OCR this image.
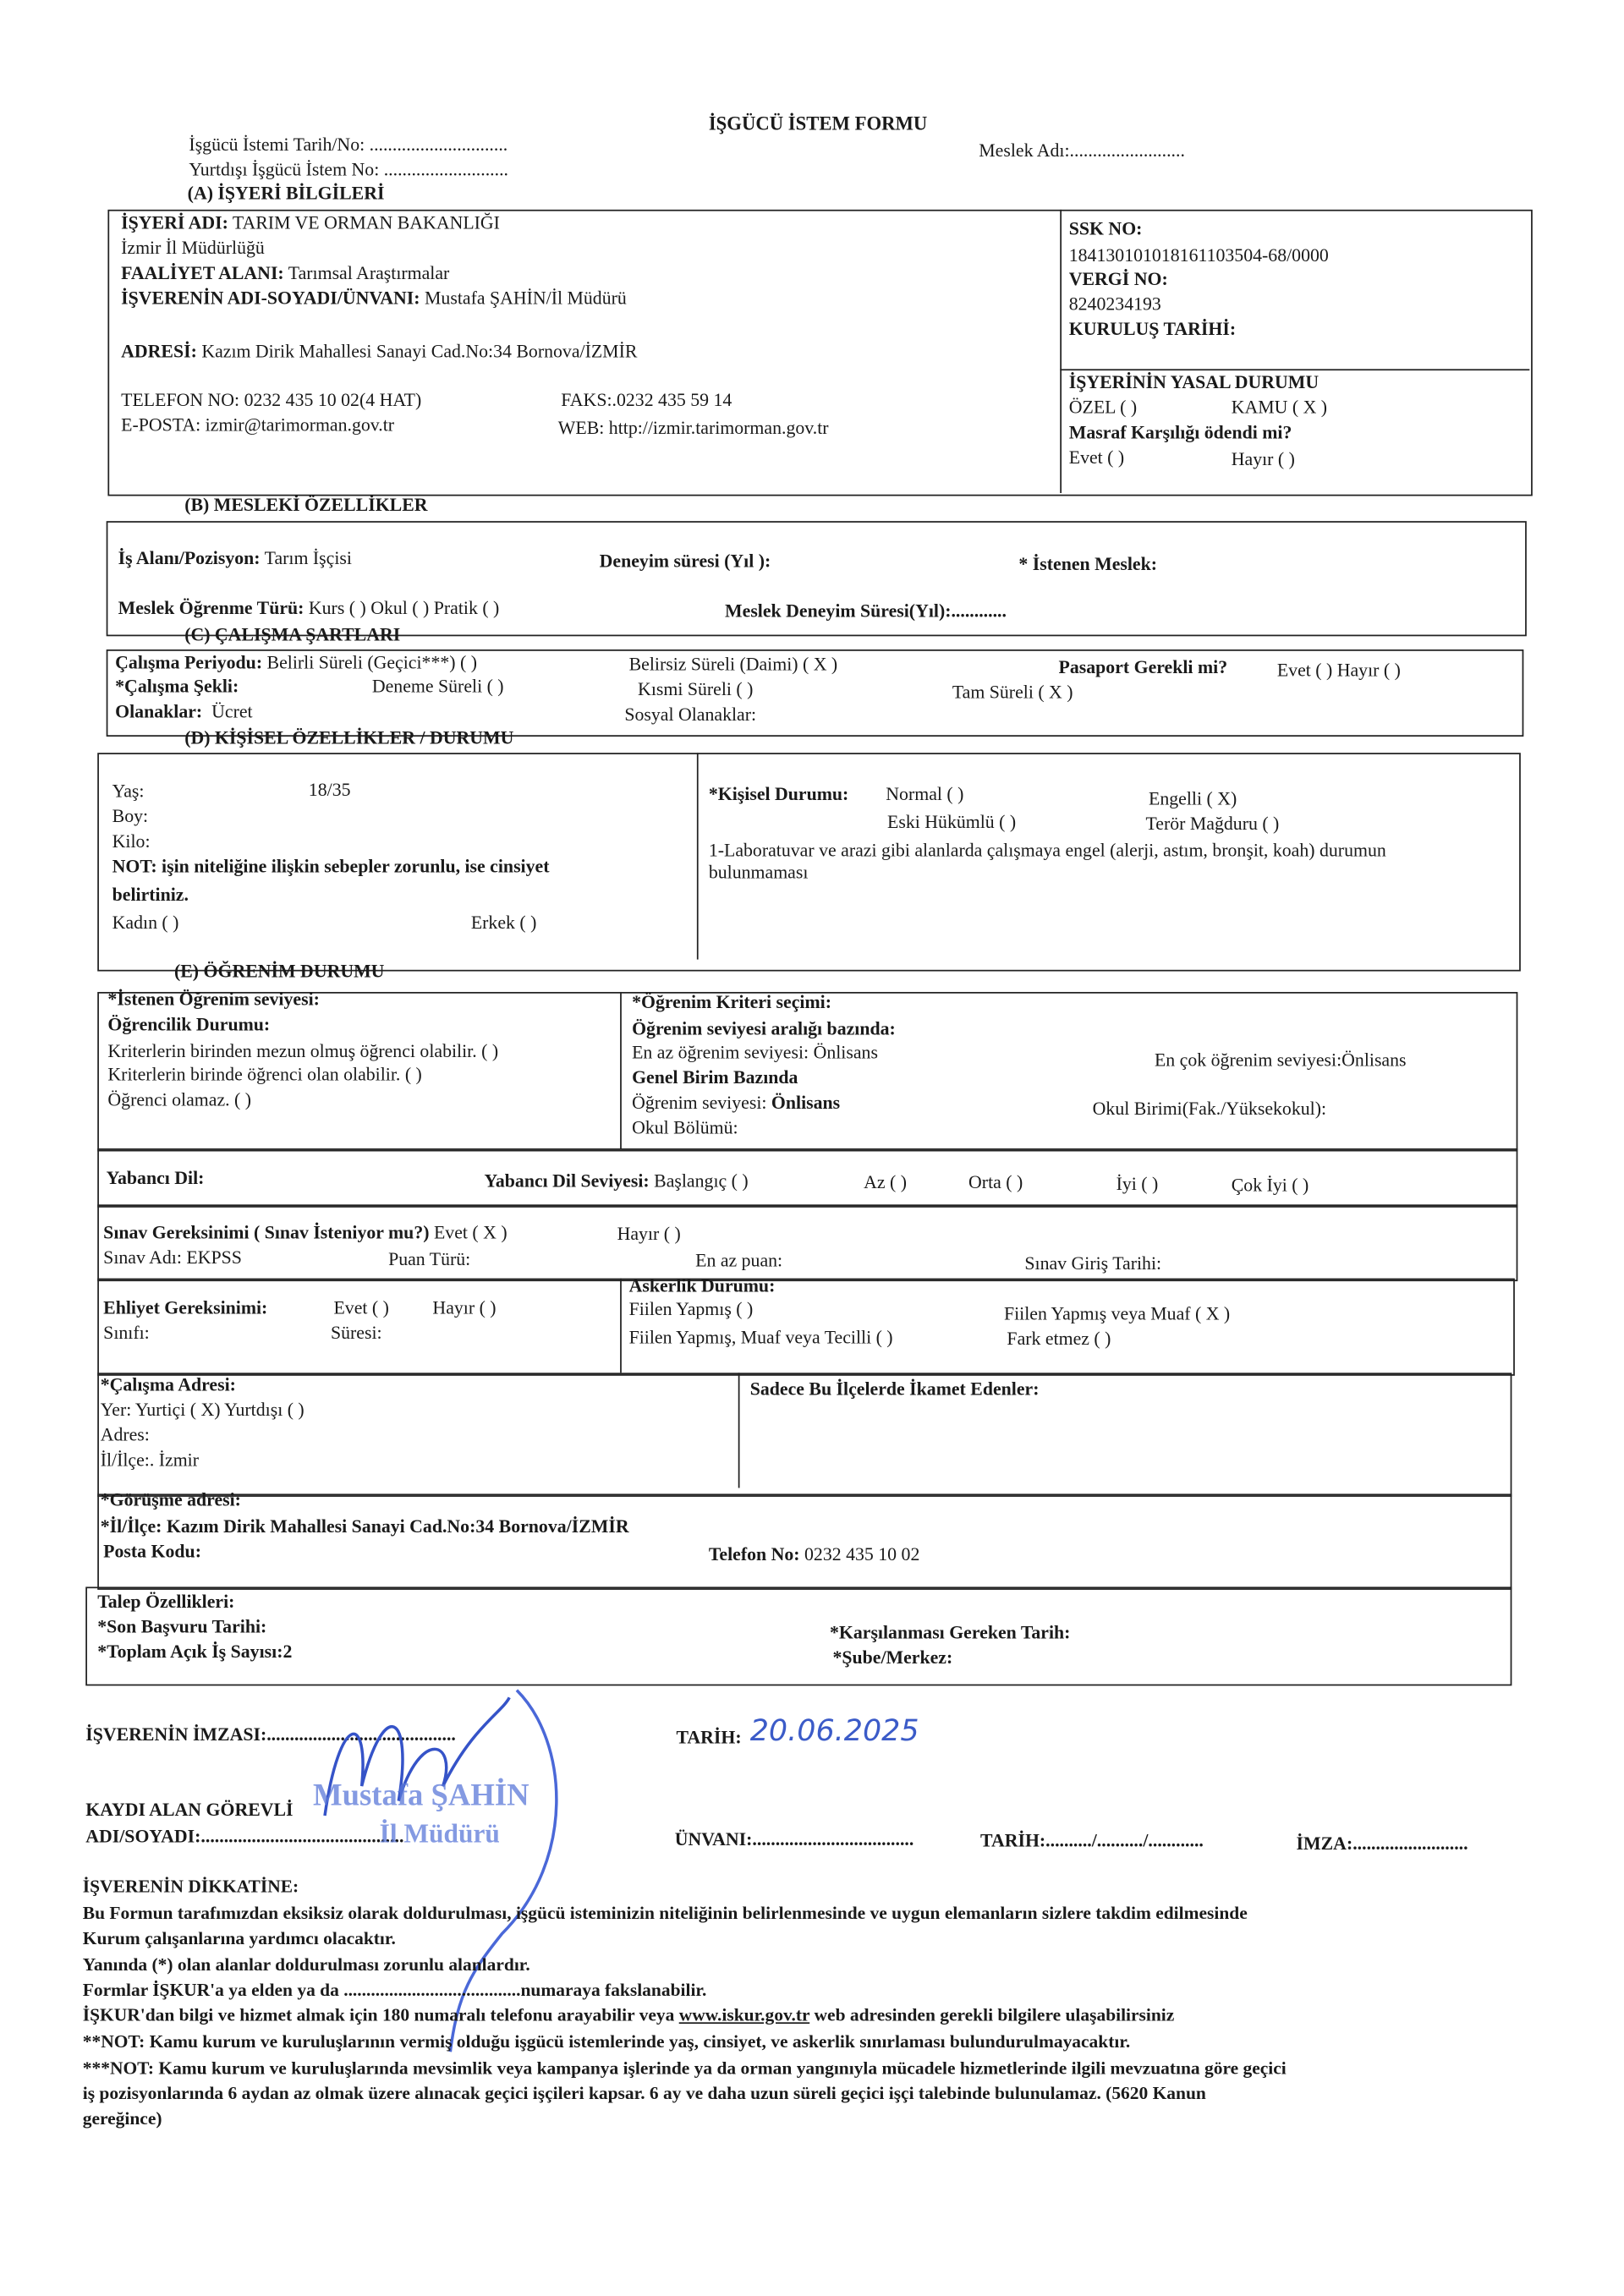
İŞGÜCÜ İSTEM FORMU
İşgücü İstemi Tarih/No: ..............................
Yurtdışı İşgücü İstem No: ...........................
Meslek Adı:.........................
(A) İŞYERİ BİLGİLERİ
İŞYERİ ADI: TARIM VE ORMAN BAKANLIĞI
İzmir İl Müdürlüğü
FAALİYET ALANI: Tarımsal Araştırmalar
İŞVERENİN ADI-SOYADI/ÜNVANI: Mustafa ŞAHİN/İl Müdürü
ADRESİ: Kazım Dirik Mahallesi Sanayi Cad.No:34 Bornova/İZMİR
TELEFON NO: 0232 435 10 02(4 HAT)	FAKS:.0232 435 59 14
E-POSTA: izmir@tarimorman.gov.tr	WEB: http://izmir.tarimorman.gov.tr
SSK NO:
184130101018161103504-68/0000
VERGİ NO:
8240234193
KURULUŞ TARİHİ:
İŞYERİNİN YASAL DURUMU
ÖZEL ( )	KAMU ( X )
Masraf Karşılığı ödendi mi?
Evet ( )	Hayır ( )
(B) MESLEKİ ÖZELLİKLER
İş Alanı/Pozisyon: Tarım İşçisi	Deneyim süresi (Yıl ):	* İstenen Meslek:
Meslek Öğrenme Türü: Kurs ( ) Okul ( ) Pratik ( )	Meslek Deneyim Süresi(Yıl):............
(C) ÇALIŞMA ŞARTLARI
Çalışma Periyodu: Belirli Süreli (Geçici***) ( )	Belirsiz Süreli (Daimi) ( X )	Pasaport Gerekli mi?	Evet ( ) Hayır ( )
*Çalışma Şekli:	Deneme Süreli ( )	Kısmi Süreli ( )	Tam Süreli ( X )
Olanaklar: Ücret	Sosyal Olanaklar:
(D) KİŞİSEL ÖZELLİKLER / DURUMU
Yaş:	18/35
Boy:
Kilo:
NOT: işin niteliğine ilişkin sebepler zorunlu, ise cinsiyet
belirtiniz.
Kadın ( )	Erkek ( )
*Kişisel Durumu:	Normal ( )	Engelli ( X)
Eski Hükümlü ( )	Terör Mağduru ( )
1-Laboratuvar ve arazi gibi alanlarda çalışmaya engel (alerji, astım, bronşit, koah) durumun
bulunmaması
(E) ÖĞRENİM DURUMU
*İstenen Öğrenim seviyesi:
Öğrencilik Durumu:
Kriterlerin birinden mezun olmuş öğrenci olabilir. ( )
Kriterlerin birinde öğrenci olan olabilir. ( )
Öğrenci olamaz. ( )
*Öğrenim Kriteri seçimi:
Öğrenim seviyesi aralığı bazında:
En az öğrenim seviyesi: Önlisans	En çok öğrenim seviyesi:Önlisans
Genel Birim Bazında
Öğrenim seviyesi: Önlisans	Okul Birimi(Fak./Yüksekokul):
Okul Bölümü:
Yabancı Dil:	Yabancı Dil Seviyesi: Başlangıç ( )	Az ( )	Orta ( )	İyi ( )	Çok İyi ( )
Sınav Gereksinimi ( Sınav İsteniyor mu?) Evet ( X )	Hayır ( )
Sınav Adı: EKPSS	Puan Türü:	En az puan:	Sınav Giriş Tarihi:
Ehliyet Gereksinimi:	Evet ( )	Hayır ( )
Sınıfı:	Süresi:
Askerlik Durumu:
Fiilen Yapmış ( )
Fiilen Yapmış, Muaf veya Tecilli ( )
Fiilen Yapmış veya Muaf ( X )
Fark etmez ( )
*Çalışma Adresi:
Yer: Yurtiçi ( X) Yurtdışı ( )
Adres:
İl/İlçe:. İzmir
Sadece Bu İlçelerde İkamet Edenler:
*Görüşme adresi:
*İl/İlçe: Kazım Dirik Mahallesi Sanayi Cad.No:34 Bornova/İZMİR
Posta Kodu:	Telefon No: 0232 435 10 02
Talep Özellikleri:
*Son Başvuru Tarihi:
*Toplam Açık İş Sayısı:2
*Karşılanması Gereken Tarih:
*Şube/Merkez:
İŞVERENİN İMZASI:.........................................	TARİH: 20.06.2025
KAYDI ALAN GÖREVLİ
ADI/SOYADI:............................................	ÜNVANI:...................................	TARİH:........../........../............	İMZA:.........................
Mustafa ŞAHİN
İl Müdürü
İŞVERENİN DİKKATİNE:
Bu Formun tarafımızdan eksiksiz olarak doldurulması, işgücü isteminizin niteliğinin belirlenmesinde ve uygun elemanların sizlere takdim edilmesinde
Kurum çalışanlarına yardımcı olacaktır.
Yanında (*) olan alanlar doldurulması zorunlu alanlardır.
Formlar İŞKUR'a ya elden ya da .......................................numaraya fakslanabilir.
İŞKUR'dan bilgi ve hizmet almak için 180 numaralı telefonu arayabilir veya www.iskur.gov.tr web adresinden gerekli bilgilere ulaşabilirsiniz
**NOT: Kamu kurum ve kuruluşlarının vermiş olduğu işgücü istemlerinde yaş, cinsiyet, ve askerlik sınırlaması bulundurulmayacaktır.
***NOT: Kamu kurum ve kuruluşlarında mevsimlik veya kampanya işlerinde ya da orman yangınıyla mücadele hizmetlerinde ilgili mevzuatına göre geçici
iş pozisyonlarında 6 aydan az olmak üzere alınacak geçici işçileri kapsar. 6 ay ve daha uzun süreli geçici işçi talebinde bulunulamaz. (5620 Kanun
gereğince)
